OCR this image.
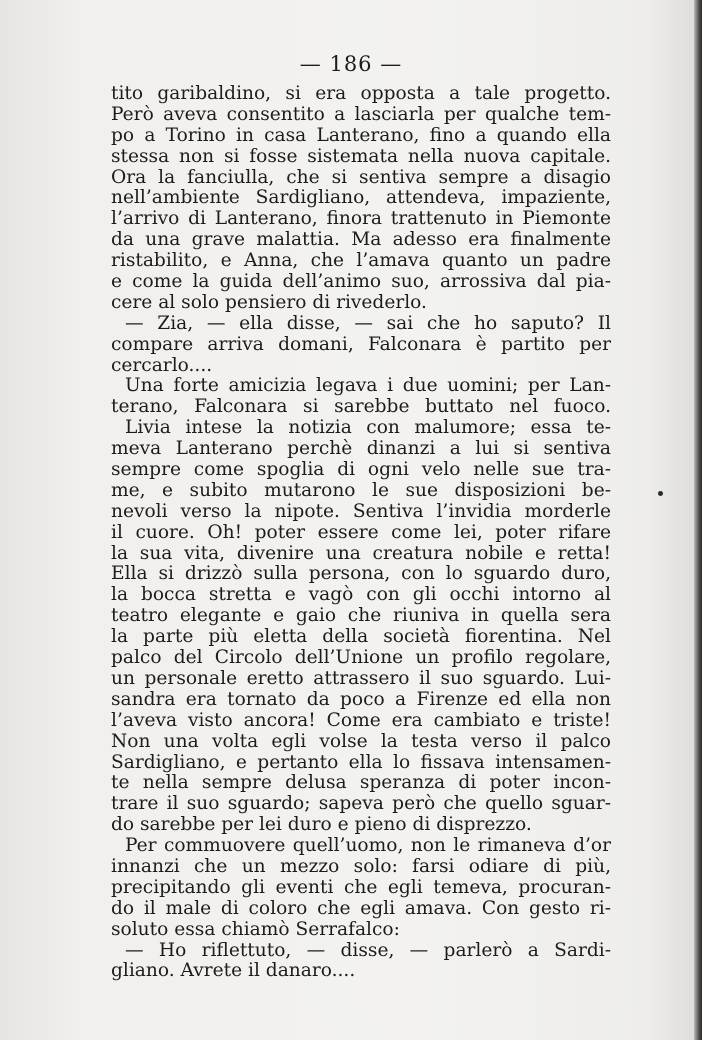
— 186 —
tito garibaldino, si era opposta a tale progetto.
Però aveva consentito a lasciarla per qualche tem-
po a Torino in casa Lanterano, fino a quando ella
stessa non si fosse sistemata nella nuova capitale.
Ora la fanciulla, che si sentiva sempre a disagio
nell’ambiente Sardigliano, attendeva, impaziente,
l’arrivo di Lanterano, finora trattenuto in Piemonte
da una grave malattia. Ma adesso era finalmente
ristabilito, e Anna, che l’amava quanto un padre
e come la guida dell’animo suo, arrossiva dal pia-
cere al solo pensiero di rivederlo.
— Zia, — ella disse, — sai che ho saputo? Il
compare arriva domani, Falconara è partito per
cercarlo....
Una forte amicizia legava i due uomini; per Lan-
terano, Falconara si sarebbe buttato nel fuoco.
Livia intese la notizia con malumore; essa te-
meva Lanterano perchè dinanzi a lui si sentiva
sempre come spoglia di ogni velo nelle sue tra-
me, e subito mutarono le sue disposizioni be-
nevoli verso la nipote. Sentiva l’invidia morderle
il cuore. Oh! poter essere come lei, poter rifare
la sua vita, divenire una creatura nobile e retta!
Ella si drizzò sulla persona, con lo sguardo duro,
la bocca stretta e vagò con gli occhi intorno al
teatro elegante e gaio che riuniva in quella sera
la parte più eletta della società fiorentina. Nel
palco del Circolo dell’Unione un profilo regolare,
un personale eretto attrassero il suo sguardo. Lui-
sandra era tornato da poco a Firenze ed ella non
l’aveva visto ancora! Come era cambiato e triste!
Non una volta egli volse la testa verso il palco
Sardigliano, e pertanto ella lo fissava intensamen-
te nella sempre delusa speranza di poter incon-
trare il suo sguardo; sapeva però che quello sguar-
do sarebbe per lei duro e pieno di disprezzo.
Per commuovere quell’uomo, non le rimaneva d’or
innanzi che un mezzo solo: farsi odiare di più,
precipitando gli eventi che egli temeva, procuran-
do il male di coloro che egli amava. Con gesto ri-
soluto essa chiamò Serrafalco:
— Ho riflettuto, — disse, — parlerò a Sardi-
gliano. Avrete il danaro....
